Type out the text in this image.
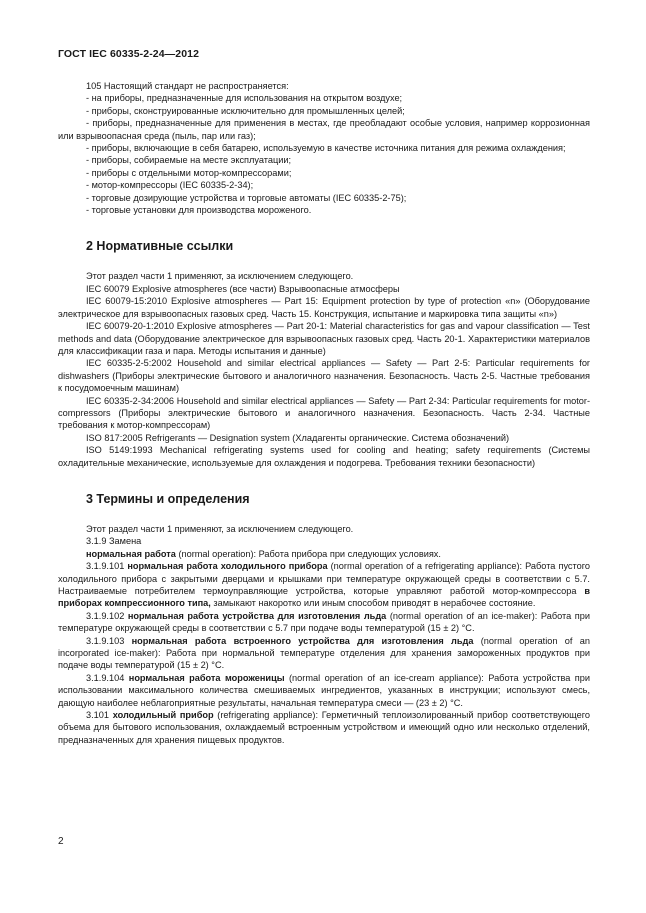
ГОСТ IEC 60335-2-24—2012

105 Настоящий стандарт не распространяется:

- на приборы, предназначенные для использования на открытом воздухе;

- приборы, сконструированные исключительно для промышленных целей;

- приборы, предназначенные для применения в местах, где преобладают особые условия, например коррозионная или взрывоопасная среда (пыль, пар или газ);

- приборы, включающие в себя батарею, используемую в качестве источника питания для режима охлаждения;

- приборы, собираемые на месте эксплуатации;

- приборы с отдельными мотор-компрессорами;

- мотор-компрессоры (IEC 60335-2-34);

- торговые дозирующие устройства и торговые автоматы (IEC 60335-2-75);

- торговые установки для производства мороженого.

2 Нормативные ссылки

Этот раздел части 1 применяют, за исключением следующего.

IEC 60079 Explosive atmospheres (все части) Взрывоопасные атмосферы

IEC 60079-15:2010 Explosive atmospheres — Part 15: Equipment protection by type of protection «n» (Оборудование электрическое для взрывоопасных газовых сред. Часть 15. Конструкция, испытание и маркировка типа защиты «n»)

IEC 60079-20-1:2010 Explosive atmospheres — Part 20-1: Material characteristics for gas and vapour classification — Test methods and data (Оборудование электрическое для взрывоопасных газовых сред. Часть 20-1. Характеристики материалов для классификации газа и пара. Методы испытания и данные)

IEC 60335-2-5:2002 Household and similar electrical appliances — Safety — Part 2-5: Particular requirements for dishwashers (Приборы электрические бытового и аналогичного назначения. Безопасность. Часть 2-5. Частные требования к посудомоечным машинам)

IEC 60335-2-34:2006 Household and similar electrical appliances — Safety — Part 2-34: Particular requirements for motor-compressors (Приборы электрические бытового и аналогичного назначения. Безопасность. Часть 2-34. Частные требования к мотор-компрессорам)

ISO 817:2005 Refrigerants — Designation system (Хладагенты органические. Система обозначений)

ISO 5149:1993 Mechanical refrigerating systems used for cooling and heating; safety requirements (Системы охладительные механические, используемые для охлаждения и подогрева. Требования техники безопасности)

3 Термины и определения

Этот раздел части 1 применяют, за исключением следующего.

3.1.9 Замена

нормальная работа (normal operation): Работа прибора при следующих условиях.

3.1.9.101 нормальная работа холодильного прибора (normal operation of a refrigerating appliance): Работа пустого холодильного прибора с закрытыми дверцами и крышками при температуре окружающей среды в соответствии с 5.7. Настраиваемые потребителем термоуправляющие устройства, которые управляют работой мотор-компрессора в приборах компрессионного типа, замыкают накоротко или иным способом приводят в нерабочее состояние.

3.1.9.102 нормальная работа устройства для изготовления льда (normal operation of an ice-maker): Работа при температуре окружающей среды в соответствии с 5.7 при подаче воды температурой (15 ± 2) °С.

3.1.9.103 нормальная работа встроенного устройства для изготовления льда (normal operation of an incorporated ice-maker): Работа при нормальной температуре отделения для хранения замороженных продуктов при подаче воды температурой (15 ± 2) °С.

3.1.9.104 нормальная работа мороженицы (normal operation of an ice-cream appliance): Работа устройства при использовании максимального количества смешиваемых ингредиентов, указанных в инструкции; используют смесь, дающую наиболее неблагоприятные результаты, начальная температура смеси — (23 ± 2) °С.

3.101 холодильный прибор (refrigerating appliance): Герметичный теплоизолированный прибор соответствующего объема для бытового использования, охлаждаемый встроенным устройством и имеющий одно или несколько отделений, предназначенных для хранения пищевых продуктов.

2
